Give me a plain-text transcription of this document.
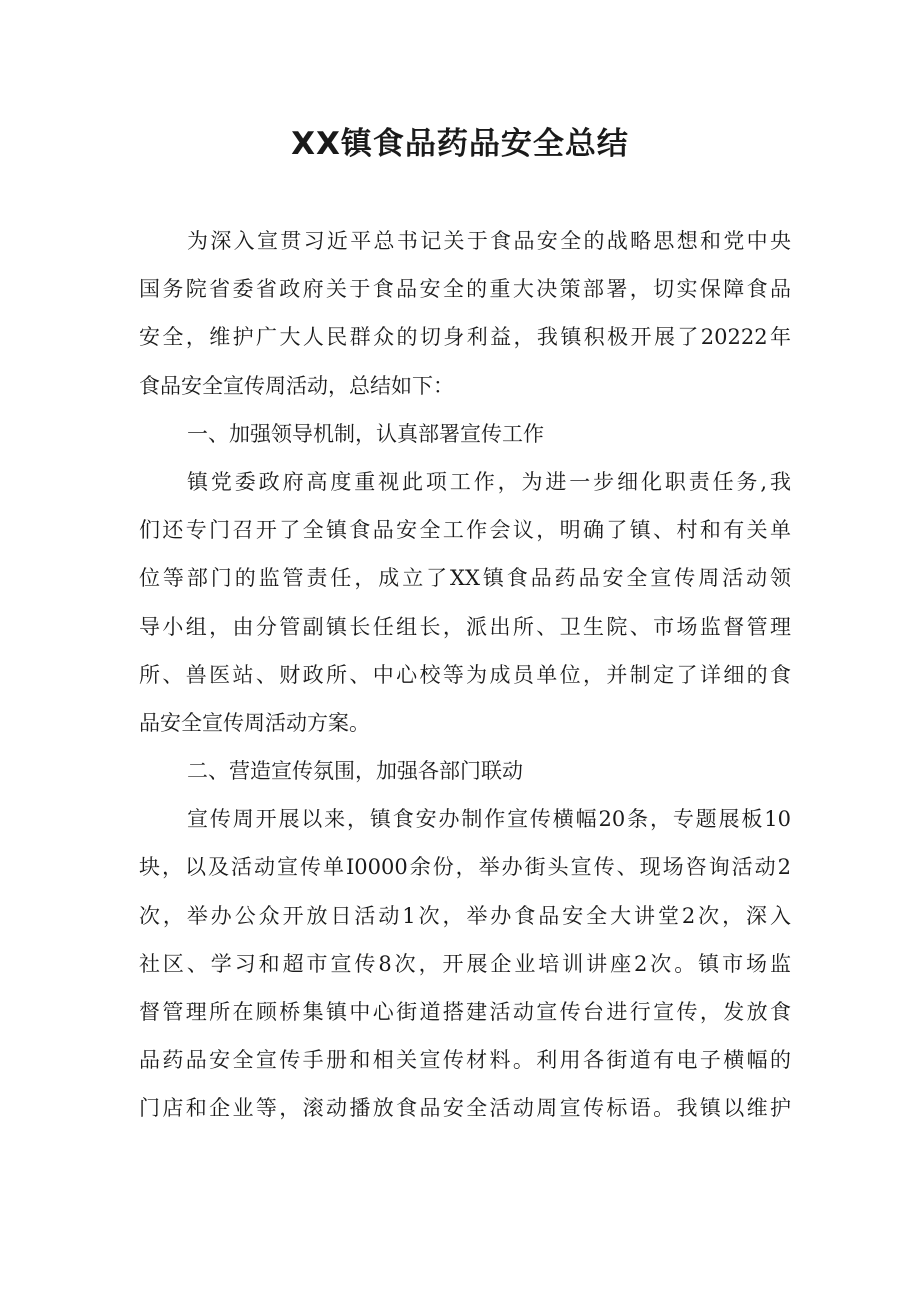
XX镇食品药品安全总结
为深入宣贯习近平总书记关于食品安全的战略思想和党中央
国务院省委省政府关于食品安全的重大决策部署，切实保障食品
安全，维护广大人民群众的切身利益，我镇积极开展了20222年
食品安全宣传周活动，总结如下：
一、加强领导机制，认真部署宣传工作
镇党委政府高度重视此项工作，为进一步细化职责任务,我
们还专门召开了全镇食品安全工作会议，明确了镇、村和有关单
位等部门的监管责任，成立了XX镇食品药品安全宣传周活动领
导小组，由分管副镇长任组长，派出所、卫生院、市场监督管理
所、兽医站、财政所、中心校等为成员单位，并制定了详细的食
品安全宣传周活动方案。
二、营造宣传氛围，加强各部门联动
宣传周开展以来，镇食安办制作宣传横幅20条，专题展板10
块，以及活动宣传单I0000余份，举办街头宣传、现场咨询活动2
次，举办公众开放日活动1次，举办食品安全大讲堂2次，深入
社区、学习和超市宣传8次，开展企业培训讲座2次。镇市场监
督管理所在顾桥集镇中心街道搭建活动宣传台进行宣传，发放食
品药品安全宣传手册和相关宣传材料。利用各街道有电子横幅的
门店和企业等，滚动播放食品安全活动周宣传标语。我镇以维护
